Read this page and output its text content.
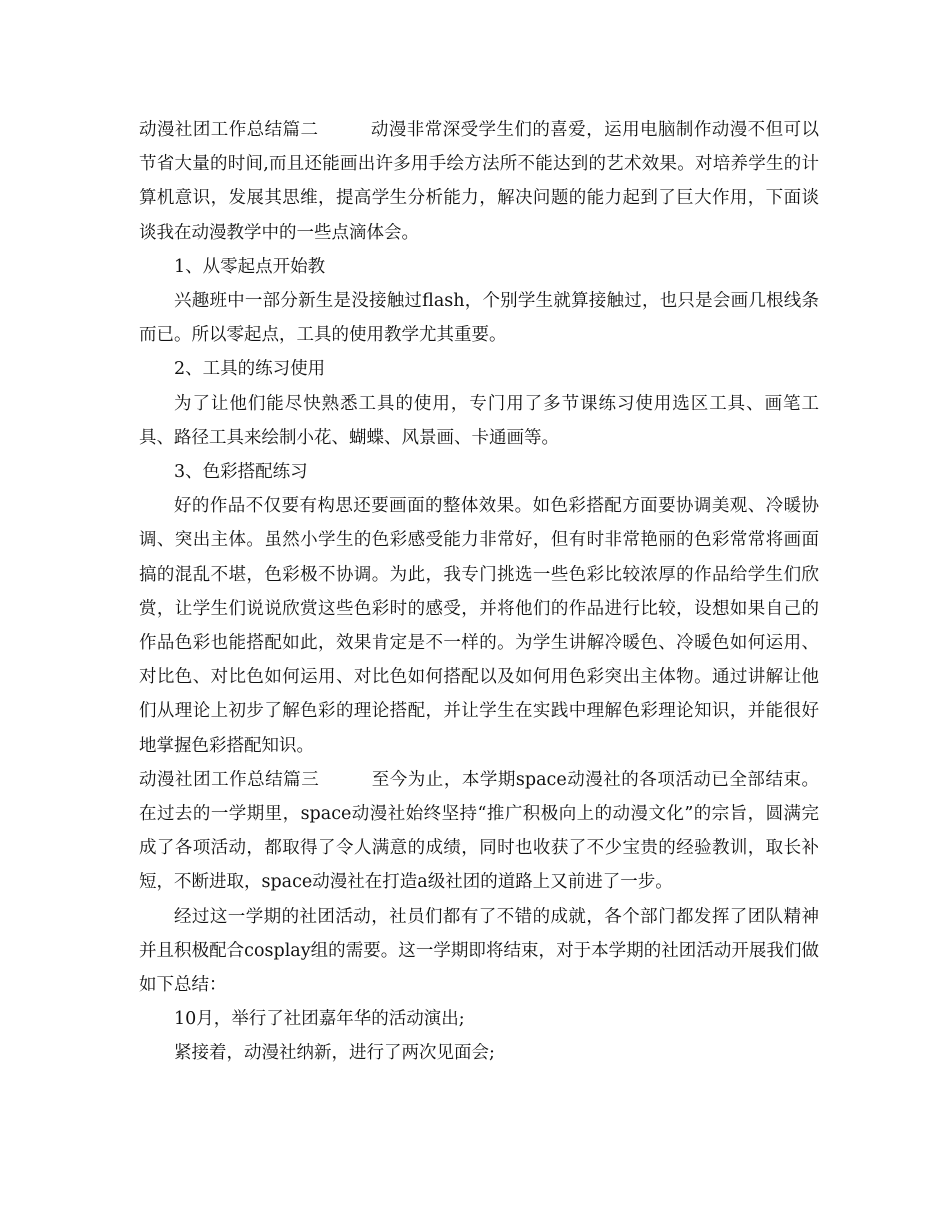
动漫社团工作总结篇二	动漫非常深受学生们的喜爱，运用电脑制作动漫不但可以节省大量的时间,而且还能画出许多用手绘方法所不能达到的艺术效果。对培养学生的计算机意识，发展其思维，提高学生分析能力，解决问题的能力起到了巨大作用，下面谈谈我在动漫教学中的一些点滴体会。

1、从零起点开始教

兴趣班中一部分新生是没接触过flash，个别学生就算接触过，也只是会画几根线条而已。所以零起点，工具的使用教学尤其重要。

2、工具的练习使用

为了让他们能尽快熟悉工具的使用，专门用了多节课练习使用选区工具、画笔工具、路径工具来绘制小花、蝴蝶、风景画、卡通画等。

3、色彩搭配练习

好的作品不仅要有构思还要画面的整体效果。如色彩搭配方面要协调美观、冷暖协调、突出主体。虽然小学生的色彩感受能力非常好，但有时非常艳丽的色彩常常将画面搞的混乱不堪，色彩极不协调。为此，我专门挑选一些色彩比较浓厚的作品给学生们欣赏，让学生们说说欣赏这些色彩时的感受，并将他们的作品进行比较，设想如果自己的作品色彩也能搭配如此，效果肯定是不一样的。为学生讲解冷暖色、冷暖色如何运用、对比色、对比色如何运用、对比色如何搭配以及如何用色彩突出主体物。通过讲解让他们从理论上初步了解色彩的理论搭配，并让学生在实践中理解色彩理论知识，并能很好地掌握色彩搭配知识。

动漫社团工作总结篇三	至今为止，本学期space动漫社的各项活动已全部结束。在过去的一学期里，space动漫社始终坚持“推广积极向上的动漫文化”的宗旨，圆满完成了各项活动，都取得了令人满意的成绩，同时也收获了不少宝贵的经验教训，取长补短，不断进取，space动漫社在打造a级社团的道路上又前进了一步。

经过这一学期的社团活动，社员们都有了不错的成就，各个部门都发挥了团队精神并且积极配合cosplay组的需要。这一学期即将结束，对于本学期的社团活动开展我们做如下总结：

10月，举行了社团嘉年华的活动演出;

紧接着，动漫社纳新，进行了两次见面会;
